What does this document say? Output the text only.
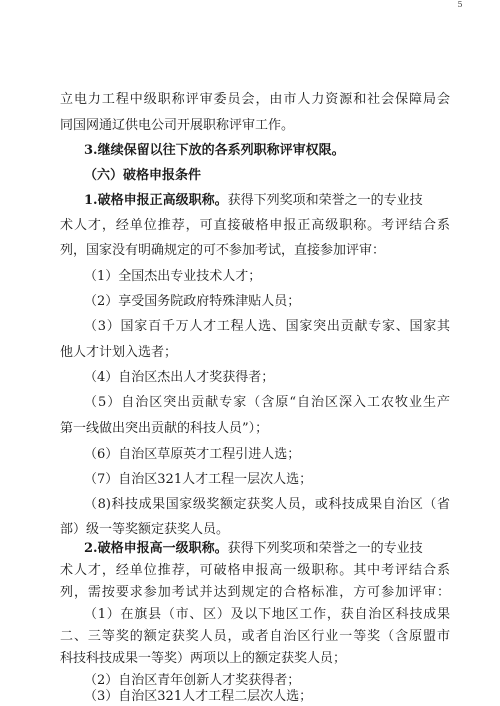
立电力工程中级职称评审委员会，由市人力资源和社会保障局会
同国网通辽供电公司开展职称评审工作。
3.继续保留以往下放的各系列职称评审权限。
（六）破格申报条件
1.破格申报正高级职称。获得下列奖项和荣誉之一的专业技
术人才，经单位推荐，可直接破格申报正高级职称。考评结合系
列，国家没有明确规定的可不参加考试，直接参加评审：
（1）全国杰出专业技术人才；
（2）享受国务院政府特殊津贴人员；
（3）国家百千万人才工程人选、国家突出贡献专家、国家其
他人才计划入选者；
（4）自治区杰出人才奖获得者；
（5）自治区突出贡献专家（含原“自治区深入工农牧业生产
第一线做出突出贡献的科技人员”）；
（6）自治区草原英才工程引进人选；
（7）自治区321人才工程一层次人选；
（8)科技成果国家级奖额定获奖人员，或科技成果自治区（省
部）级一等奖额定获奖人员。
2.破格申报高一级职称。获得下列奖项和荣誉之一的专业技
术人才，经单位推荐，可破格申报高一级职称。其中考评结合系
列，需按要求参加考试并达到规定的合格标准，方可参加评审：
（1）在旗县（市、区）及以下地区工作，获自治区科技成果
5
二、三等奖的额定获奖人员，或者自治区行业一等奖（含原盟市
科技科技成果一等奖）两项以上的额定获奖人员；
（2）自治区青年创新人才奖获得者；
（3）自治区321人才工程二层次人选；
